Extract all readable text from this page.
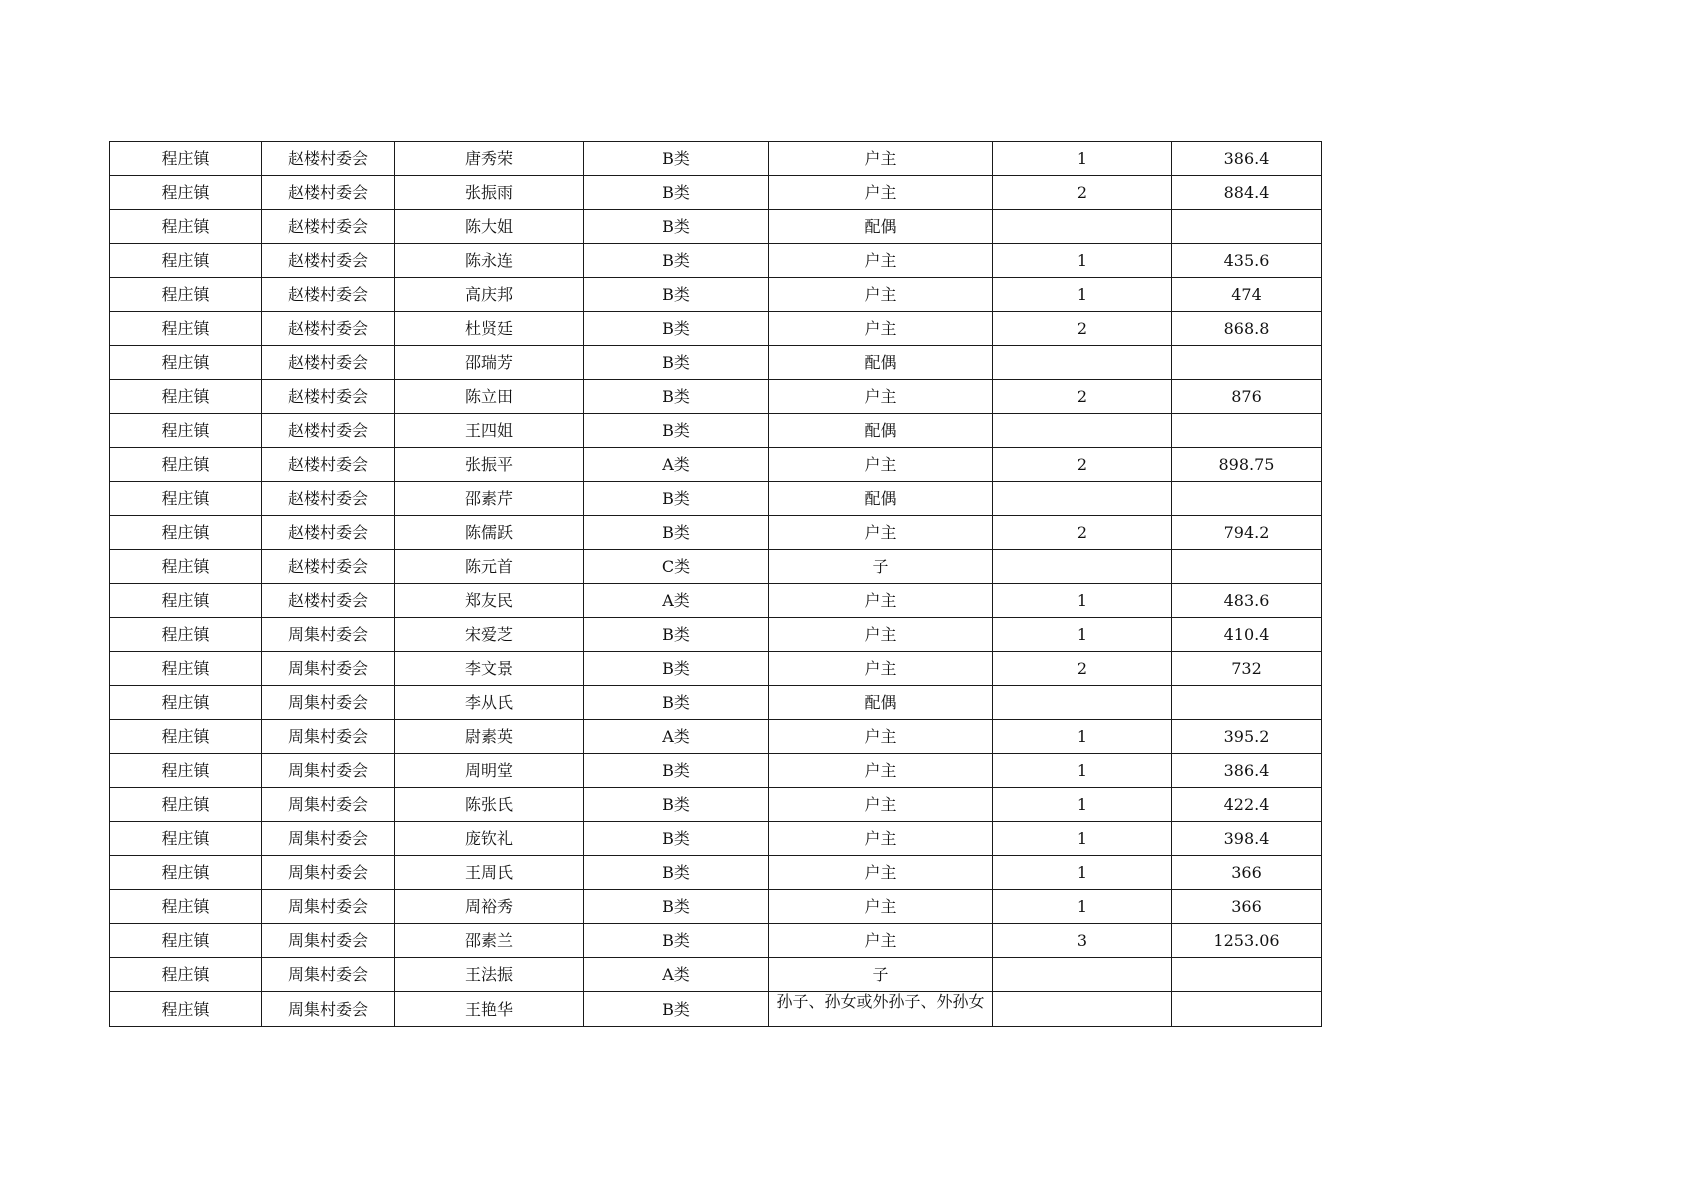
程庄镇	赵楼村委会	唐秀荣	B类	户主	1	386.4
程庄镇	赵楼村委会	张振雨	B类	户主	2	884.4
程庄镇	赵楼村委会	陈大姐	B类	配偶		
程庄镇	赵楼村委会	陈永连	B类	户主	1	435.6
程庄镇	赵楼村委会	高庆邦	B类	户主	1	474
程庄镇	赵楼村委会	杜贤廷	B类	户主	2	868.8
程庄镇	赵楼村委会	邵瑞芳	B类	配偶		
程庄镇	赵楼村委会	陈立田	B类	户主	2	876
程庄镇	赵楼村委会	王四姐	B类	配偶		
程庄镇	赵楼村委会	张振平	A类	户主	2	898.75
程庄镇	赵楼村委会	邵素芹	B类	配偶		
程庄镇	赵楼村委会	陈儒跃	B类	户主	2	794.2
程庄镇	赵楼村委会	陈元首	C类	子		
程庄镇	赵楼村委会	郑友民	A类	户主	1	483.6
程庄镇	周集村委会	宋爱芝	B类	户主	1	410.4
程庄镇	周集村委会	李文景	B类	户主	2	732
程庄镇	周集村委会	李从氏	B类	配偶		
程庄镇	周集村委会	尉素英	A类	户主	1	395.2
程庄镇	周集村委会	周明堂	B类	户主	1	386.4
程庄镇	周集村委会	陈张氏	B类	户主	1	422.4
程庄镇	周集村委会	庞钦礼	B类	户主	1	398.4
程庄镇	周集村委会	王周氏	B类	户主	1	366
程庄镇	周集村委会	周裕秀	B类	户主	1	366
程庄镇	周集村委会	邵素兰	B类	户主	3	1253.06
程庄镇	周集村委会	王法振	A类	子		
程庄镇	周集村委会	王艳华	B类	孙子、孙女或外孙子、外孙女		
